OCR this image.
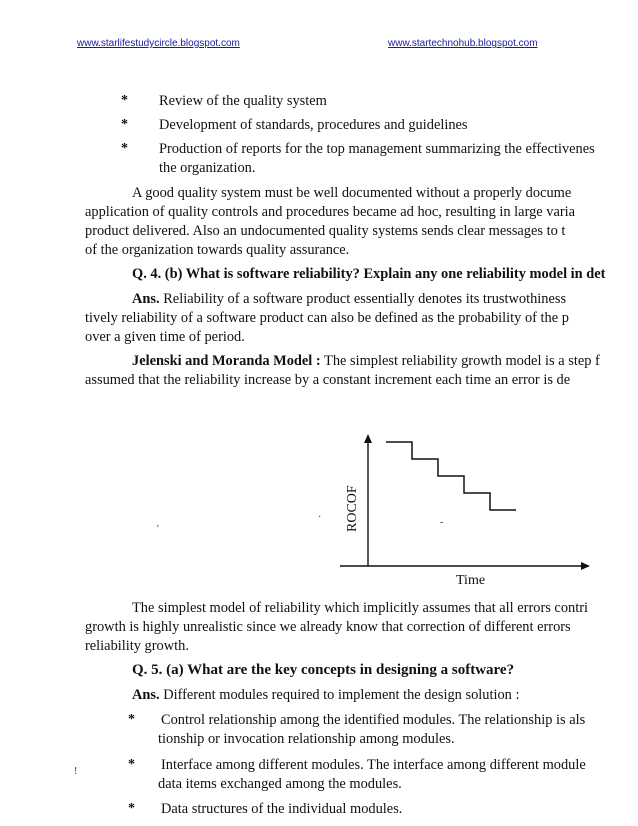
www.starlifestudycircle.blogspot.com	www.startechnohub.blogspot.com
* Review of the quality system
* Development of standards, procedures and guidelines
* Production of reports for the top management summarizing the effectivenes
the organization.
A good quality system must be well documented without a properly docume
application of quality controls and procedures became ad hoc, resulting in large varia
product delivered. Also an undocumented quality systems sends clear messages to t
of the organization towards quality assurance.
Q. 4. (b) What is software reliability? Explain any one reliability model in det
Ans. Reliability of a software product essentially denotes its trustwothiness
tively reliability of a software product can also be defined as the probability of the p
over a given time of period.
Jelenski and Moranda Model : The simplest reliability growth model is a step f
assumed that the reliability increase by a constant increment each time an error is de
ROCOF
Time
·
'
-
The simplest model of reliability which implicitly assumes that all errors contri
growth is highly unrealistic since we already know that correction of different errors
reliability growth.
Q. 5. (a) What are the key concepts in designing a software?
Ans. Different modules required to implement the design solution :
* Control relationship among the identified modules. The relationship is als
tionship or invocation relationship among modules.
* Interface among different modules. The interface among different module
data items exchanged among the modules.
* Data structures of the individual modules.
!
